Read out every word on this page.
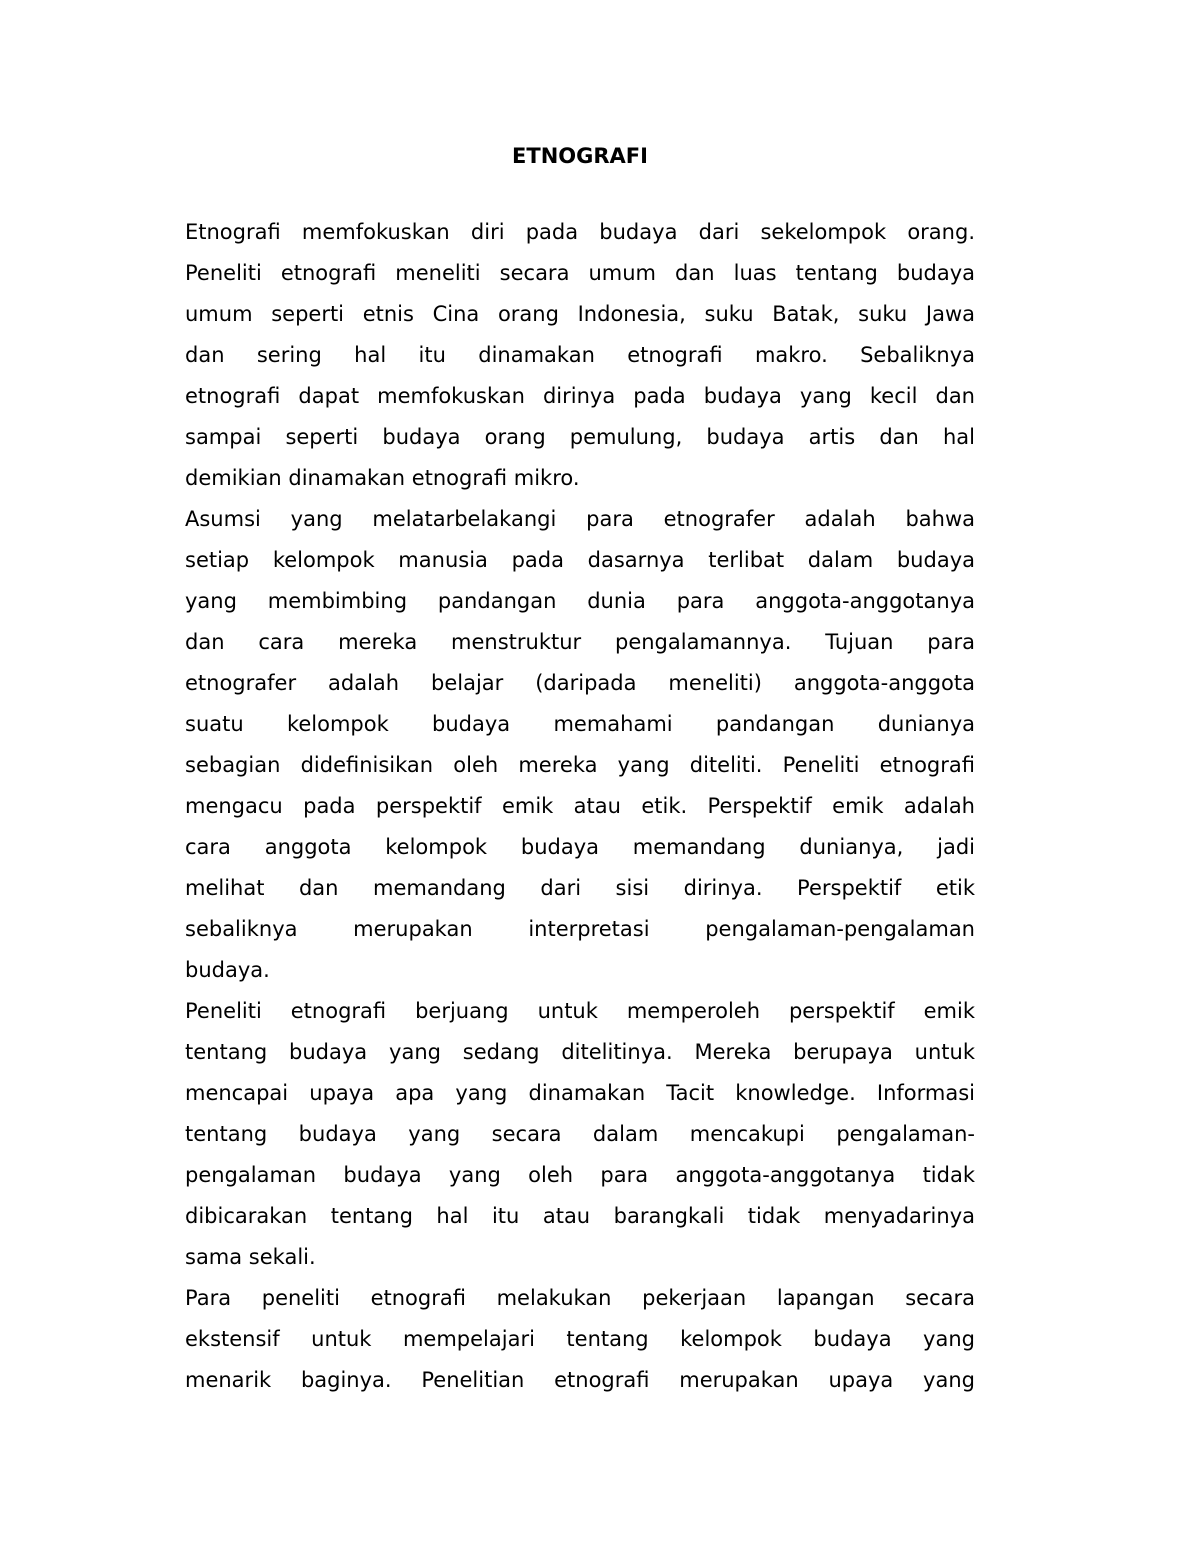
ETNOGRAFI
Etnografi memfokuskan diri pada budaya dari sekelompok orang.
Peneliti etnografi meneliti secara umum dan luas tentang budaya
umum seperti etnis Cina orang Indonesia, suku Batak, suku Jawa
dan sering hal itu dinamakan etnografi makro. Sebaliknya
etnografi dapat memfokuskan dirinya pada budaya yang kecil dan
sampai seperti budaya orang pemulung, budaya artis dan hal
demikian dinamakan etnografi mikro.
Asumsi yang melatarbelakangi para etnografer adalah bahwa
setiap kelompok manusia pada dasarnya terlibat dalam budaya
yang membimbing pandangan dunia para anggota-anggotanya
dan cara mereka menstruktur pengalamannya. Tujuan para
etnografer adalah belajar (daripada meneliti) anggota-anggota
suatu kelompok budaya memahami pandangan dunianya
sebagian didefinisikan oleh mereka yang diteliti. Peneliti etnografi
mengacu pada perspektif emik atau etik. Perspektif emik adalah
cara anggota kelompok budaya memandang dunianya, jadi
melihat dan memandang dari sisi dirinya. Perspektif etik
sebaliknya merupakan interpretasi pengalaman-pengalaman
budaya.
Peneliti etnografi berjuang untuk memperoleh perspektif emik
tentang budaya yang sedang ditelitinya. Mereka berupaya untuk
mencapai upaya apa yang dinamakan Tacit knowledge. Informasi
tentang budaya yang secara dalam mencakupi pengalaman-
pengalaman budaya yang oleh para anggota-anggotanya tidak
dibicarakan tentang hal itu atau barangkali tidak menyadarinya
sama sekali.
Para peneliti etnografi melakukan pekerjaan lapangan secara
ekstensif untuk mempelajari tentang kelompok budaya yang
menarik baginya. Penelitian etnografi merupakan upaya yang
